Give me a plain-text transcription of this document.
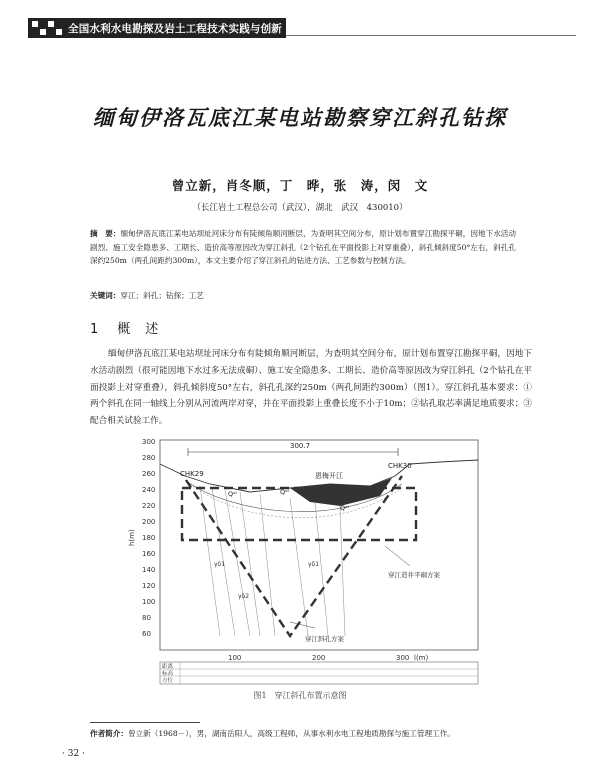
全国水利水电勘探及岩土工程技术实践与创新
缅甸伊洛瓦底江某电站勘察穿江斜孔钻探
曾立新，肖冬顺，丁　晔，张　涛，闵　文
（长江岩土工程总公司（武汉），湖北　武汉　430010）
摘　要：缅甸伊洛瓦底江某电站坝址河床分布有陡倾角顺河断层，为查明其空间分布，原计划布置穿江勘探平硐，因地下水活动剧烈、施工安全隐患多、工期长、造价高等原因改为穿江斜孔（2个钻孔在平面投影上对穿重叠），斜孔倾斜度50°左右，斜孔孔深约250m（两孔间距约300m），本文主要介绍了穿江斜孔的钻进方法、工艺参数与控制方法。
关键词：穿江；斜孔；钻探；工艺
1 概　述
缅甸伊洛瓦底江某电站坝址河床分布有陡倾角顺河断层，为查明其空间分布，原计划布置穿江勘探平硐，因地下水活动剧烈（很可能因地下水过多无法成硐）、施工安全隐患多、工期长、造价高等原因改为穿江斜孔（2个钻孔在平面投影上对穿重叠），斜孔倾斜度50°左右，斜孔孔深约250m（两孔间距约300m）（图1）。穿江斜孔基本要求：①两个斜孔在同一轴线上分别从河流两岸对穿，并在平面投影上重叠长度不小于10m；②钻孔取芯率满足地质要求；③配合相关试验工作。
300
280
260
240
220
200
180
160
140
120
100
80
60
h(m)
300.7
CHK29
CHK30
恩梅开江
Qᵃˡ	Qᵃˡ
Qᵃˡ
γδ1
γδ2
γδ1
穿江造井平硐方案
穿江斜孔方案
100	200	300 l(m)
距离
标高
方位
图1　穿江斜孔布置示意图
作者简介：曾立新（1968－），男，湖南岳阳人，高级工程师，从事水利水电工程地质勘探与施工管理工作。
· 32 ·
